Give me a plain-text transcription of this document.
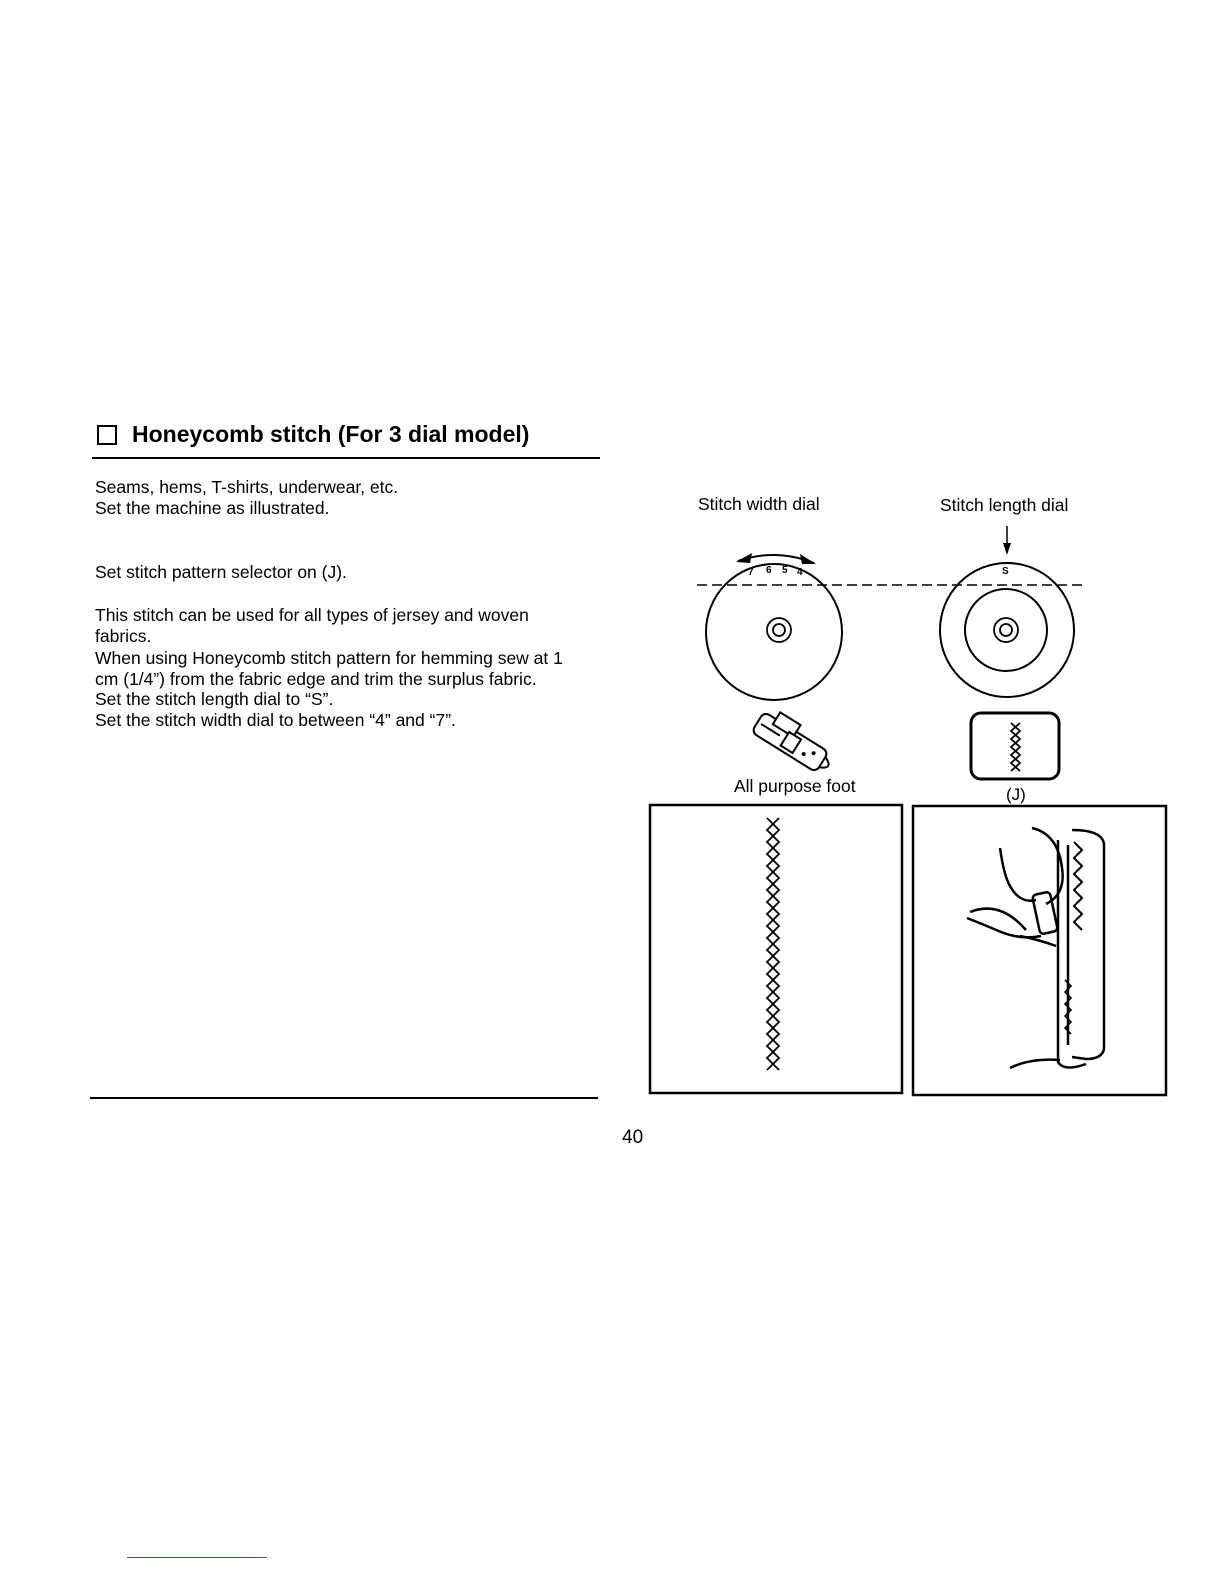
Honeycomb stitch (For 3 dial model)
Seams, hems, T-shirts, underwear, etc.
Set the machine as illustrated.
Set stitch pattern selector on (J).
This stitch can be used for all types of jersey and woven
fabrics.
When using Honeycomb stitch pattern for hemming sew at 1
cm (1/4”) from the fabric edge and trim the surplus fabric.
Set the stitch length dial to “S”.
Set the stitch width dial to between “4” and “7”.
Stitch width dial	Stitch length dial
All purpose foot
7 6 5 4	S
(J)
40
